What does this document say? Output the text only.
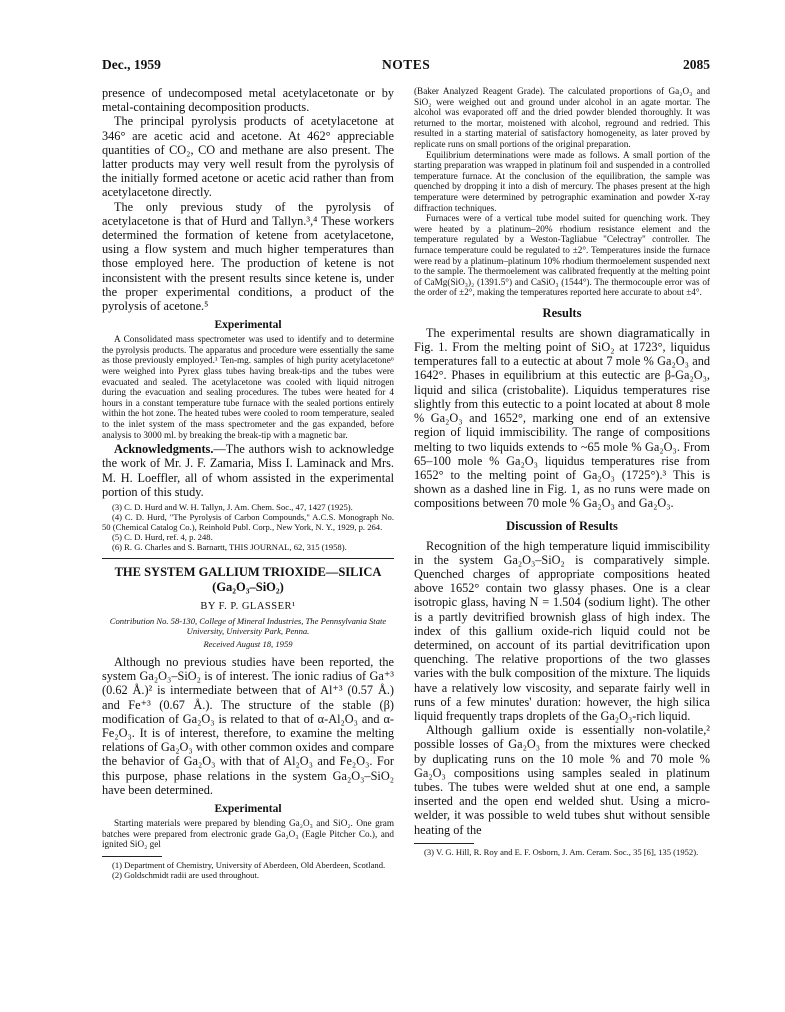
Dec., 1959	NOTES	2085

presence of undecomposed metal acetylacetonate or by metal-containing decomposition products.

The principal pyrolysis products of acetylacetone at 346° are acetic acid and acetone. At 462° appreciable quantities of CO₂, CO and methane are also present. The latter products may very well result from the pyrolysis of the initially formed acetone or acetic acid rather than from acetylacetone directly.

The only previous study of the pyrolysis of acetylacetone is that of Hurd and Tallyn.³,⁴ These workers determined the formation of ketene from acetylacetone, using a flow system and much higher temperatures than those employed here. The production of ketene is not inconsistent with the present results since ketene is, under the proper experimental conditions, a product of the pyrolysis of acetone.⁵

Experimental

A Consolidated mass spectrometer was used to identify and to determine the pyrolysis products. The apparatus and procedure were essentially the same as those previously employed.¹ Ten-mg. samples of high purity acetylacetone⁶ were weighed into Pyrex glass tubes having break-tips and the tubes were evacuated and sealed. The acetylacetone was cooled with liquid nitrogen during the evacuation and sealing procedures. The tubes were heated for 4 hours in a constant temperature tube furnace with the sealed portions entirely within the hot zone. The heated tubes were cooled to room temperature, sealed to the inlet system of the mass spectrometer and the gas expanded, before analysis to 3000 ml. by breaking the break-tip with a magnetic bar.

Acknowledgments.—The authors wish to acknowledge the work of Mr. J. F. Zamaria, Miss I. Laminack and Mrs. M. H. Loeffler, all of whom assisted in the experimental portion of this study.

(3) C. D. Hurd and W. H. Tallyn, J. Am. Chem. Soc., 47, 1427 (1925).

(4) C. D. Hurd, "The Pyrolysis of Carbon Compounds," A.C.S. Monograph No. 50 (Chemical Catalog Co.), Reinhold Publ. Corp., New York, N. Y., 1929, p. 264.

(5) C. D. Hurd, ref. 4, p. 248.

(6) R. G. Charles and S. Barnartt, THIS JOURNAL, 62, 315 (1958).

THE SYSTEM GALLIUM TRIOXIDE—SILICA (Ga₂O₃–SiO₂)
BY F. P. GLASSER¹
Contribution No. 58-130, College of Mineral Industries, The Pennsylvania State University, University Park, Penna.
Received August 18, 1959

Although no previous studies have been reported, the system Ga₂O₃–SiO₂ is of interest. The ionic radius of Ga⁺³ (0.62 Å.)² is intermediate between that of Al⁺³ (0.57 Å.) and Fe⁺³ (0.67 Å.). The structure of the stable (β) modification of Ga₂O₃ is related to that of α-Al₂O₃ and α-Fe₂O₃. It is of interest, therefore, to examine the melting relations of Ga₂O₃ with other common oxides and compare the behavior of Ga₂O₃ with that of Al₂O₃ and Fe₂O₃. For this purpose, phase relations in the system Ga₂O₃–SiO₂ have been determined.

Experimental

Starting materials were prepared by blending Ga₂O₃ and SiO₂. One gram batches were prepared from electronic grade Ga₂O₃ (Eagle Pitcher Co.), and ignited SiO₂ gel

(1) Department of Chemistry, University of Aberdeen, Old Aberdeen, Scotland.

(2) Goldschmidt radii are used throughout.

(Baker Analyzed Reagent Grade). The calculated proportions of Ga₂O₃ and SiO₂ were weighed out and ground under alcohol in an agate mortar. The alcohol was evaporated off and the dried powder blended thoroughly. It was returned to the mortar, moistened with alcohol, reground and redried. This resulted in a starting material of satisfactory homogeneity, as later proved by replicate runs on small portions of the original preparation.

Equilibrium determinations were made as follows. A small portion of the starting preparation was wrapped in platinum foil and suspended in a controlled temperature furnace. At the conclusion of the equilibration, the sample was quenched by dropping it into a dish of mercury. The phases present at the high temperature were determined by petrographic examination and powder X-ray diffraction techniques.

Furnaces were of a vertical tube model suited for quenching work. They were heated by a platinum–20% rhodium resistance element and the temperature regulated by a Weston-Tagliabue "Celectray" controller. The furnace temperature could be regulated to ±2°. Temperatures inside the furnace were read by a platinum–platinum 10% rhodium thermoelement suspended next to the sample. The thermoelement was calibrated frequently at the melting point of CaMg(SiO₃)₂ (1391.5°) and CaSiO₃ (1544°). The thermocouple error was of the order of ±2°, making the temperatures reported here accurate to about ±4°.

Results

The experimental results are shown diagramatically in Fig. 1. From the melting point of SiO₂ at 1723°, liquidus temperatures fall to a eutectic at about 7 mole % Ga₂O₃ and 1642°. Phases in equilibrium at this eutectic are β-Ga₂O₃, liquid and silica (cristobalite). Liquidus temperatures rise slightly from this eutectic to a point located at about 8 mole % Ga₂O₃ and 1652°, marking one end of an extensive region of liquid immiscibility. The range of compositions melting to two liquids extends to ~65 mole % Ga₂O₃. From 65–100 mole % Ga₂O₃ liquidus temperatures rise from 1652° to the melting point of Ga₂O₃ (1725°).³ This is shown as a dashed line in Fig. 1, as no runs were made on compositions between 70 mole % Ga₂O₃ and Ga₂O₃.

Discussion of Results

Recognition of the high temperature liquid immiscibility in the system Ga₂O₃–SiO₂ is comparatively simple. Quenched charges of appropriate compositions heated above 1652° contain two glassy phases. One is a clear isotropic glass, having N = 1.504 (sodium light). The other is a partly devitrified brownish glass of high index. The index of this gallium oxide-rich liquid could not be determined, on account of its partial devitrification upon quenching. The relative proportions of the two glasses varies with the bulk composition of the mixture. The liquids have a relatively low viscosity, and separate fairly well in runs of a few minutes' duration: however, the high silica liquid frequently traps droplets of the Ga₂O₃-rich liquid.

Although gallium oxide is essentially non-volatile,² possible losses of Ga₂O₃ from the mixtures were checked by duplicating runs on the 10 mole % and 70 mole % Ga₂O₃ compositions using samples sealed in platinum tubes. The tubes were welded shut at one end, a sample inserted and the open end welded shut. Using a micro-welder, it was possible to weld tubes shut without sensible heating of the

(3) V. G. Hill, R. Roy and E. F. Osborn, J. Am. Ceram. Soc., 35 [6], 135 (1952).
